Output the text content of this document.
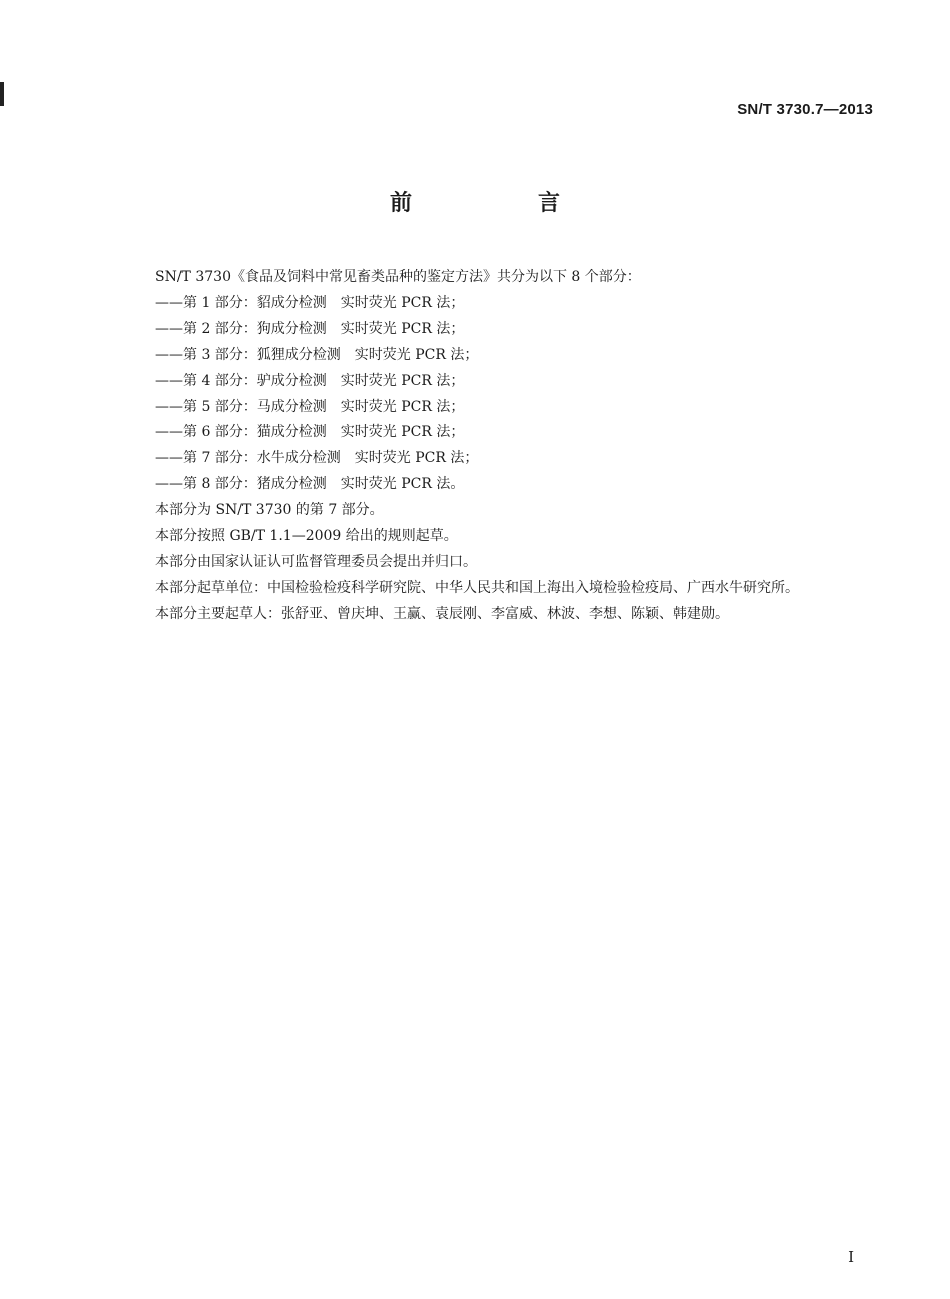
SN/T 3730.7—2013
前　言

SN/T 3730《食品及饲料中常见畜类品种的鉴定方法》共分为以下 8 个部分：

——第 1 部分：貂成分检测　实时荧光 PCR 法；

——第 2 部分：狗成分检测　实时荧光 PCR 法；

——第 3 部分：狐狸成分检测　实时荧光 PCR 法；

——第 4 部分：驴成分检测　实时荧光 PCR 法；

——第 5 部分：马成分检测　实时荧光 PCR 法；

——第 6 部分：猫成分检测　实时荧光 PCR 法；

——第 7 部分：水牛成分检测　实时荧光 PCR 法；

——第 8 部分：猪成分检测　实时荧光 PCR 法。

本部分为 SN/T 3730 的第 7 部分。

本部分按照 GB/T 1.1—2009 给出的规则起草。

本部分由国家认证认可监督管理委员会提出并归口。

本部分起草单位：中国检验检疫科学研究院、中华人民共和国上海出入境检验检疫局、广西水牛研究所。

本部分主要起草人：张舒亚、曾庆坤、王赢、袁辰刚、李富威、林波、李想、陈颖、韩建勋。

I
